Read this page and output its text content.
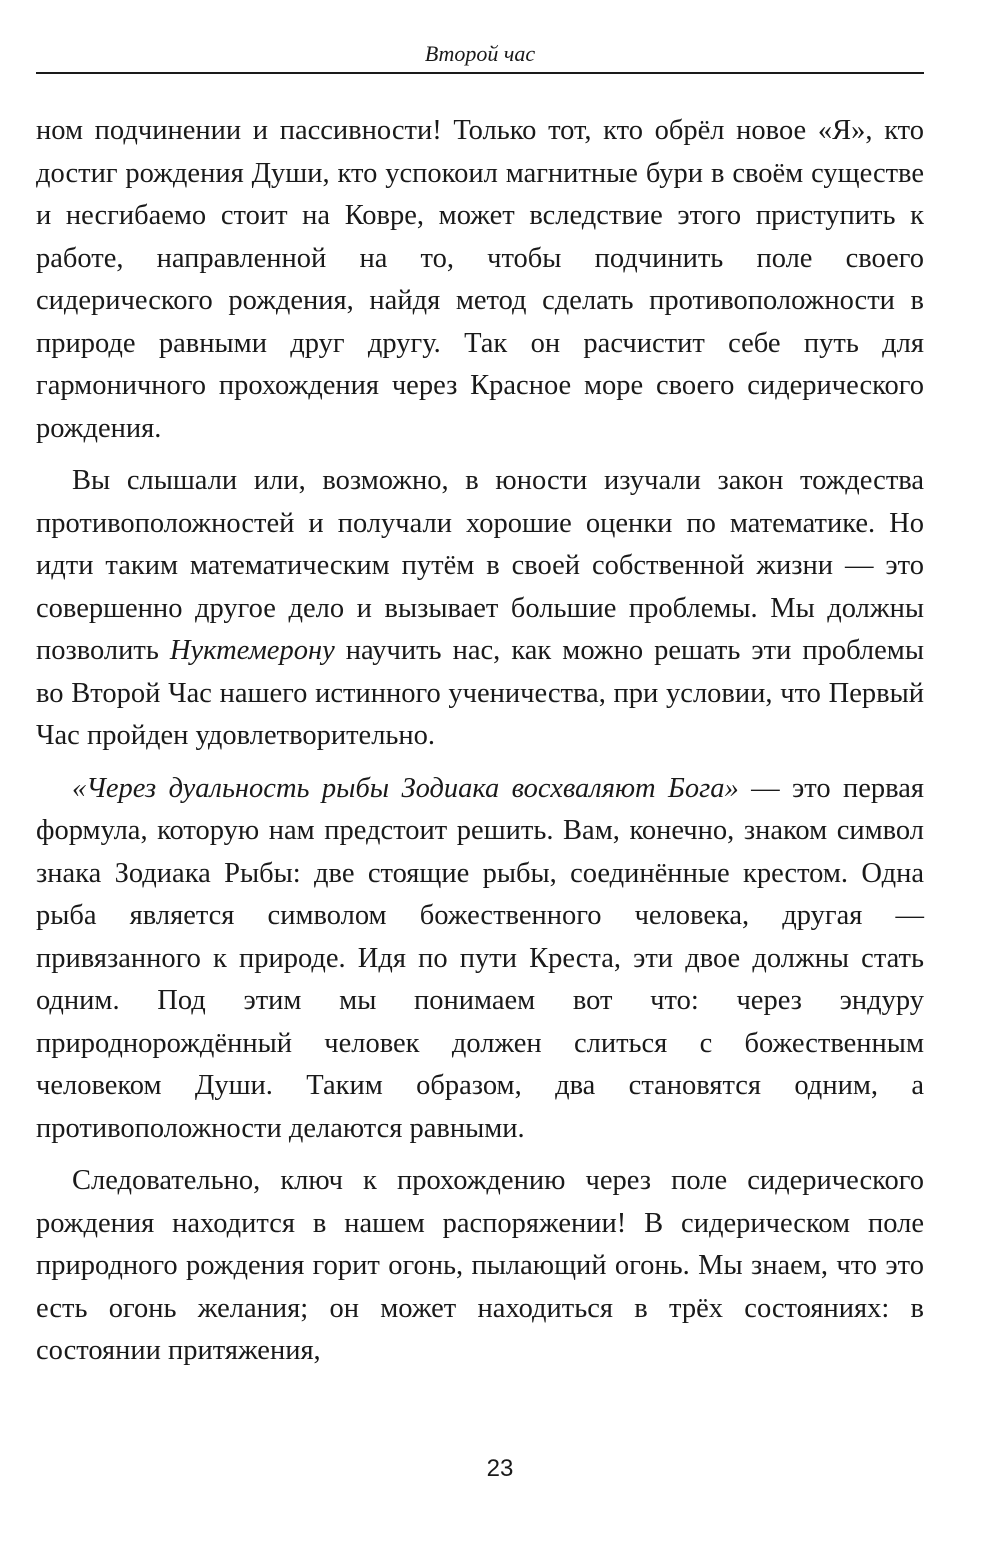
Второй час

ном подчинении и пассивности! Только тот, кто обрёл новое «Я», кто достиг рождения Души, кто успокоил магнитные бури в своём существе и несгибаемо стоит на Ковре, может вследствие этого приступить к работе, направленной на то, чтобы подчинить поле своего сидерического рождения, найдя метод сделать противоположности в природе равными друг другу. Так он расчистит себе путь для гармоничного прохождения через Красное море своего сидерического рождения.

Вы слышали или, возможно, в юности изучали закон тождества противоположностей и получали хорошие оценки по математике. Но идти таким математическим путём в своей собственной жизни — это совершенно другое дело и вызывает большие проблемы. Мы должны позволить Нуктемерону научить нас, как можно решать эти проблемы во Второй Час нашего истинного ученичества, при условии, что Первый Час пройден удовлетворительно.

«Через дуальность рыбы Зодиака восхваляют Бога» — это первая формула, которую нам предстоит решить. Вам, конечно, знаком символ знака Зодиака Рыбы: две стоящие рыбы, соединённые крестом. Одна рыба является символом божественного человека, другая — привязанного к природе. Идя по пути Креста, эти двое должны стать одним. Под этим мы понимаем вот что: через эндуру природнорождённый человек должен слиться с божественным человеком Души. Таким образом, два становятся одним, а противоположности делаются равными.

Следовательно, ключ к прохождению через поле сидерического рождения находится в нашем распоряжении! В сидерическом поле природного рождения горит огонь, пылающий огонь. Мы знаем, что это есть огонь желания; он может находиться в трёх состояниях: в состоянии притяжения,

23
